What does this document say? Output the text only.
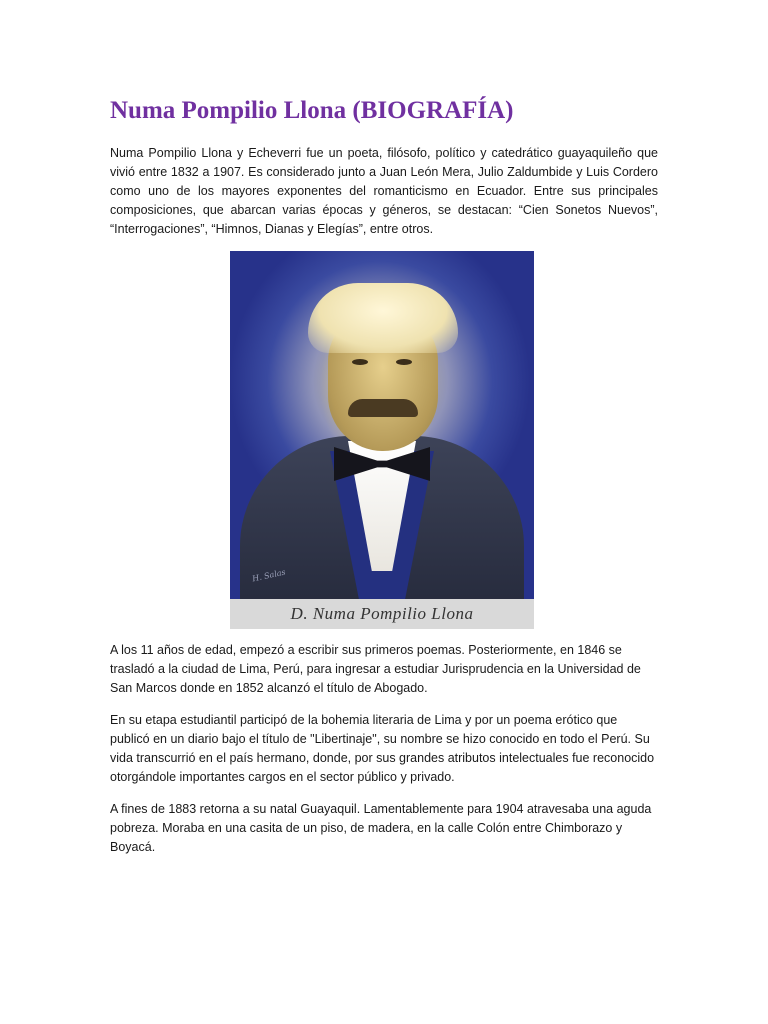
Numa Pompilio Llona (BIOGRAFÍA)

Numa Pompilio Llona y Echeverri fue un poeta, filósofo, político y catedrático guayaquileño que vivió entre 1832 a 1907. Es considerado junto a Juan León Mera, Julio Zaldumbide y Luis Cordero como uno de los mayores exponentes del romanticismo en Ecuador. Entre sus principales composiciones, que abarcan varias épocas y géneros, se destacan: “Cien Sonetos Nuevos”, “Interrogaciones”, “Himnos, Dianas y Elegías”, entre otros.

H. Salas
D. Numa Pompilio Llona

A los 11 años de edad, empezó a escribir sus primeros poemas. Posteriormente, en 1846 se trasladó a la ciudad de Lima, Perú, para ingresar a estudiar Jurisprudencia en la Universidad de San Marcos donde en 1852 alcanzó el título de Abogado.

En su etapa estudiantil participó de la bohemia literaria de Lima y por un poema erótico que publicó en un diario bajo el título de "Libertinaje", su nombre se hizo conocido en todo el Perú. Su vida transcurrió en el país hermano, donde, por sus grandes atributos intelectuales fue reconocido otorgándole importantes cargos en el sector público y privado.

A fines de 1883 retorna a su natal Guayaquil. Lamentablemente para 1904 atravesaba una aguda pobreza. Moraba en una casita de un piso, de madera, en la calle Colón entre Chimborazo y Boyacá.
